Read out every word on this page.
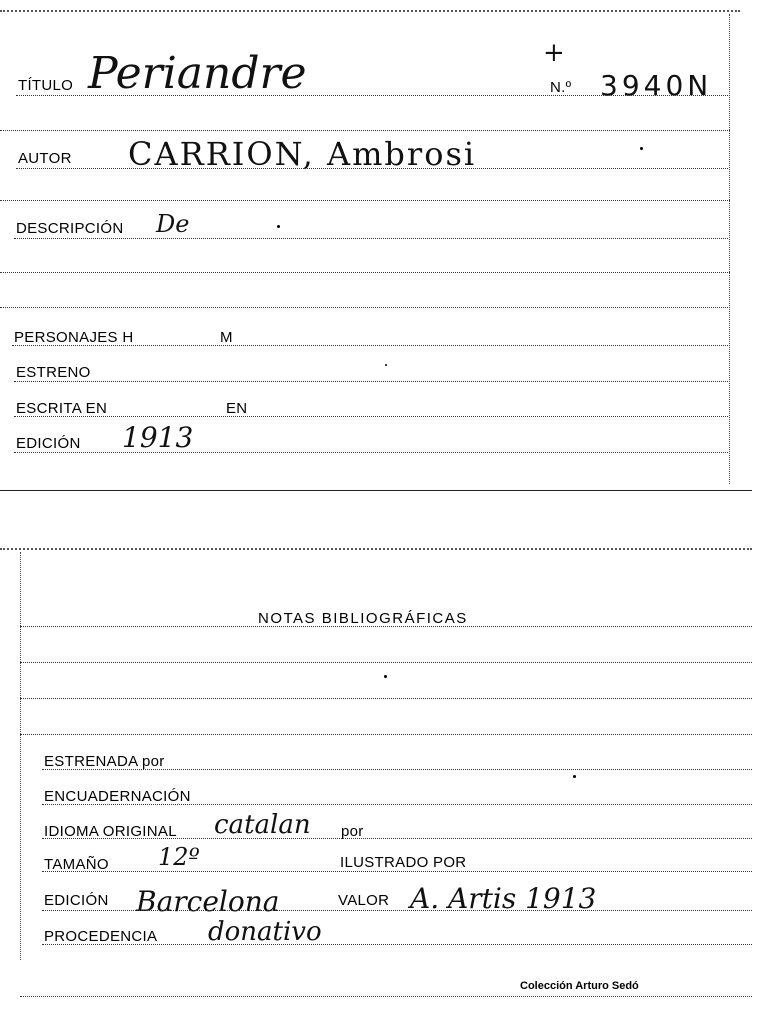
TÍTULO Periandre	+
N.º 3940N
AUTOR CARRION, Ambrosi
DESCRIPCIÓN De
PERSONAJES H	M
ESTRENO
ESCRITA EN	EN
EDICIÓN 1913
NOTAS BIBLIOGRÁFICAS
ESTRENADA por
ENCUADERNACIÓN
IDIOMA ORIGINAL catalan por
TAMAÑO 12º	ILUSTRADO POR
EDICIÓN Barcelona	VALOR A. Artis 1913
PROCEDENCIA donativo
Colección Arturo Sedó
